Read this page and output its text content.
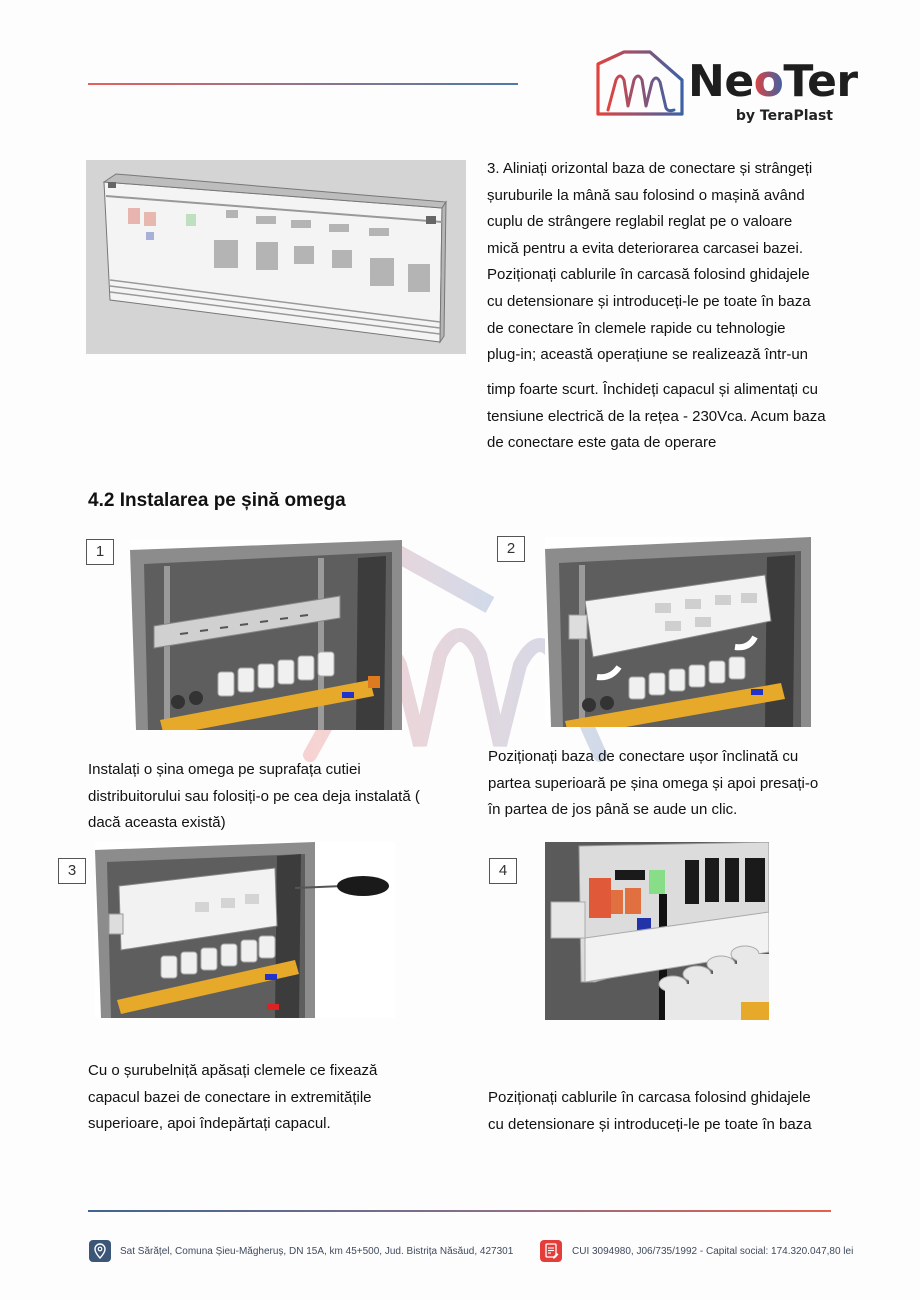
NeoTer
by TeraPlast
3. Aliniați orizontal baza de conectare și strângeți
șuruburile la mână sau folosind o mașină având
cuplu de strângere reglabil reglat pe o valoare
mică pentru a evita deteriorarea carcasei bazei.
Poziționați cablurile în carcasă folosind ghidajele
cu detensionare și introduceți-le pe toate în baza
de conectare în clemele rapide cu tehnologie
plug-in; această operațiune se realizează într-un
timp foarte scurt. Închideți capacul și alimentați cu
tensiune electrică de la rețea - 230Vca. Acum baza
de conectare este gata de operare
4.2 Instalarea pe șină omega
1
Instalați o șina omega pe suprafața cutiei
distribuitorului sau folosiți-o pe cea deja instalată (
dacă aceasta există)
2
Poziționați baza de conectare ușor înclinată cu
partea superioară pe șina omega și apoi presați-o
în partea de jos până se aude un clic.
3
Cu o șurubelniță apăsați clemele ce fixează
capacul bazei de conectare in extremitățile
superioare, apoi îndepărtați capacul.
4
Poziționați cablurile în carcasa folosind ghidajele
cu detensionare și introduceți-le pe toate în baza
Sat Sărățel, Comuna Șieu-Măgheruș, DN 15A, km 45+500, Jud. Bistrița Năsăud, 427301	CUI 3094980, J06/735/1992 - Capital social: 174.320.047,80 lei
